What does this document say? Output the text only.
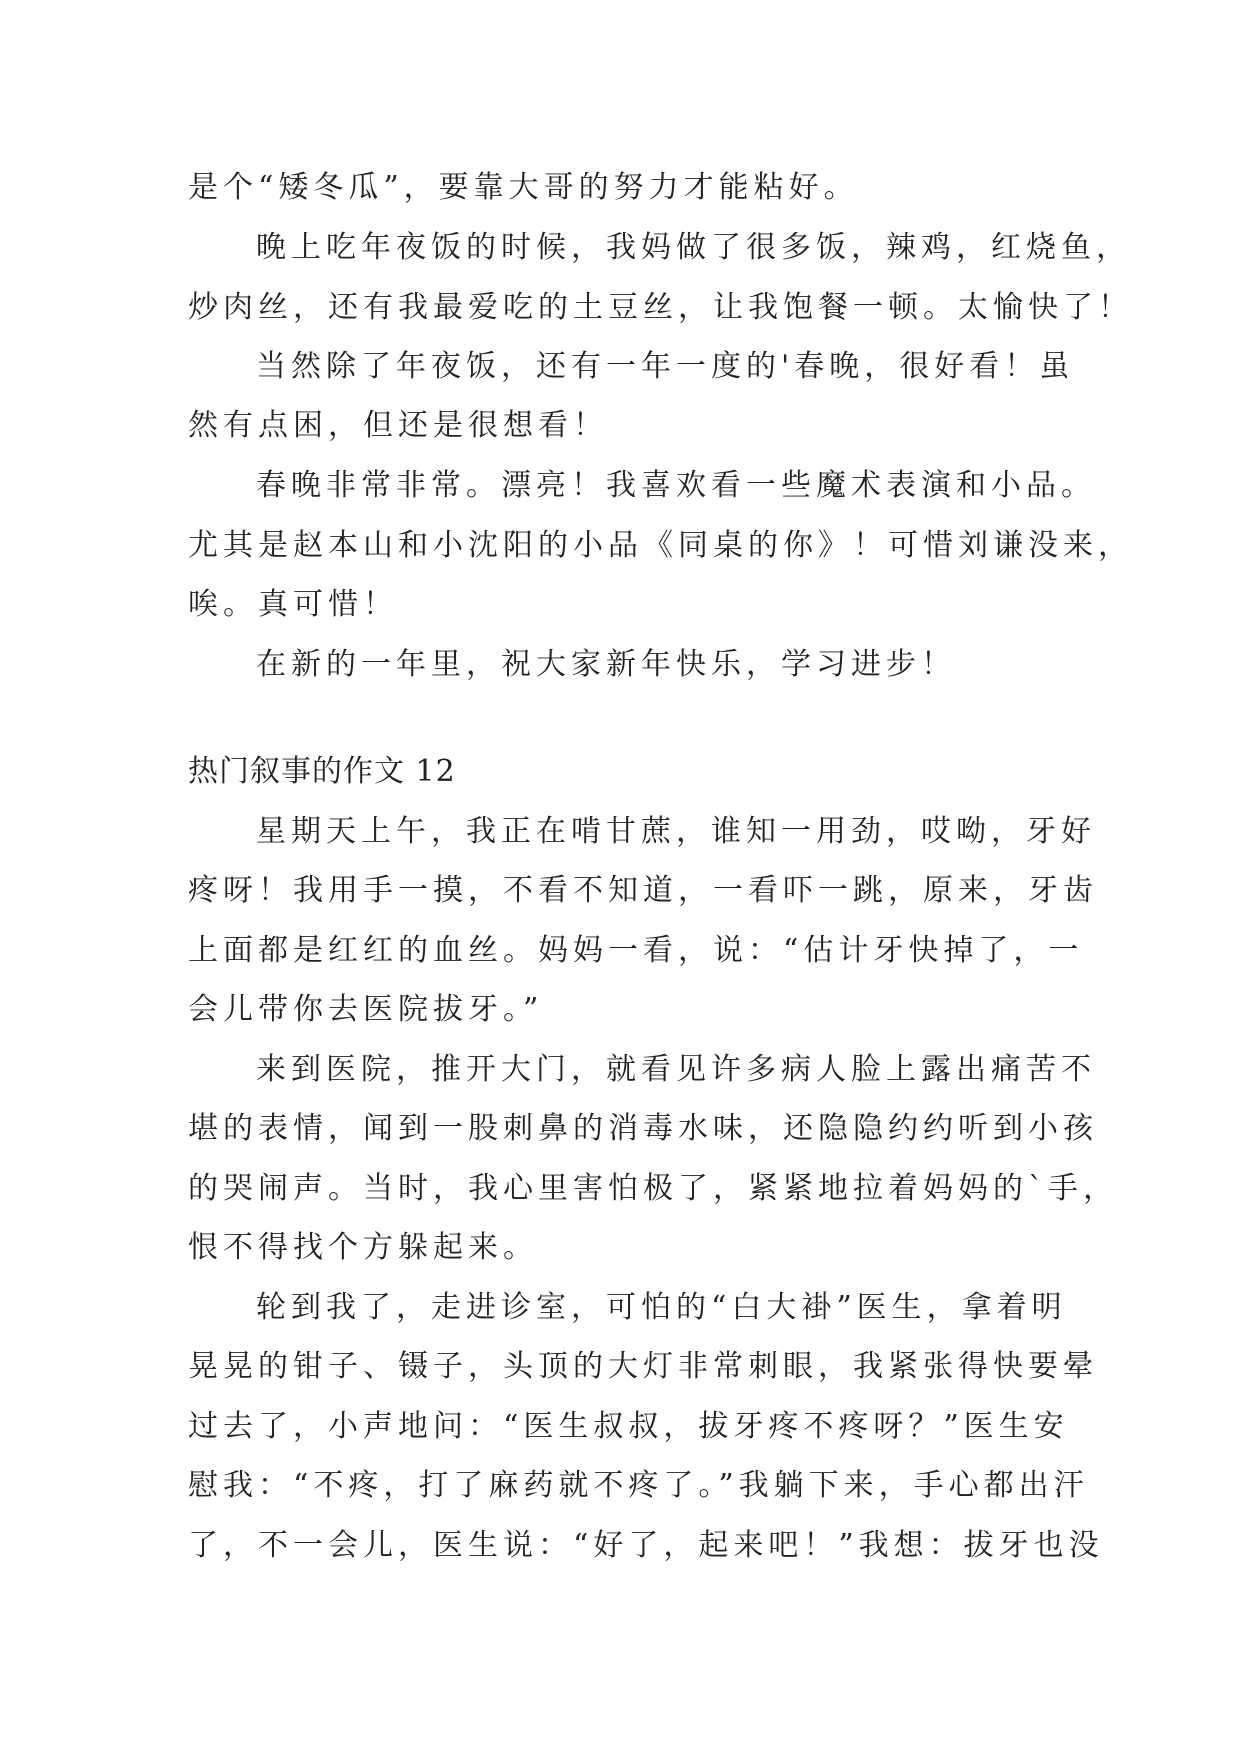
是个“矮冬瓜”，要靠大哥的努力才能粘好。

晚上吃年夜饭的时候，我妈做了很多饭，辣鸡，红烧鱼，

炒肉丝，还有我最爱吃的土豆丝，让我饱餐一顿。太愉快了！

当然除了年夜饭，还有一年一度的'春晚，很好看！虽

然有点困，但还是很想看！

春晚非常非常。漂亮！我喜欢看一些魔术表演和小品。

尤其是赵本山和小沈阳的小品《同桌的你》！可惜刘谦没来，

唉。真可惜！

在新的一年里，祝大家新年快乐，学习进步！

热门叙事的作文 12

星期天上午，我正在啃甘蔗，谁知一用劲，哎呦，牙好

疼呀！我用手一摸，不看不知道，一看吓一跳，原来，牙齿

上面都是红红的血丝。妈妈一看，说：“估计牙快掉了，一

会儿带你去医院拔牙。”

来到医院，推开大门，就看见许多病人脸上露出痛苦不

堪的表情，闻到一股刺鼻的消毒水味，还隐隐约约听到小孩

的哭闹声。当时，我心里害怕极了，紧紧地拉着妈妈的`手，

恨不得找个方躲起来。

轮到我了，走进诊室，可怕的“白大褂”医生，拿着明

晃晃的钳子、镊子，头顶的大灯非常刺眼，我紧张得快要晕

过去了，小声地问：“医生叔叔，拔牙疼不疼呀？”医生安

慰我：“不疼，打了麻药就不疼了。”我躺下来，手心都出汗

了，不一会儿，医生说：“好了，起来吧！”我想：拔牙也没
